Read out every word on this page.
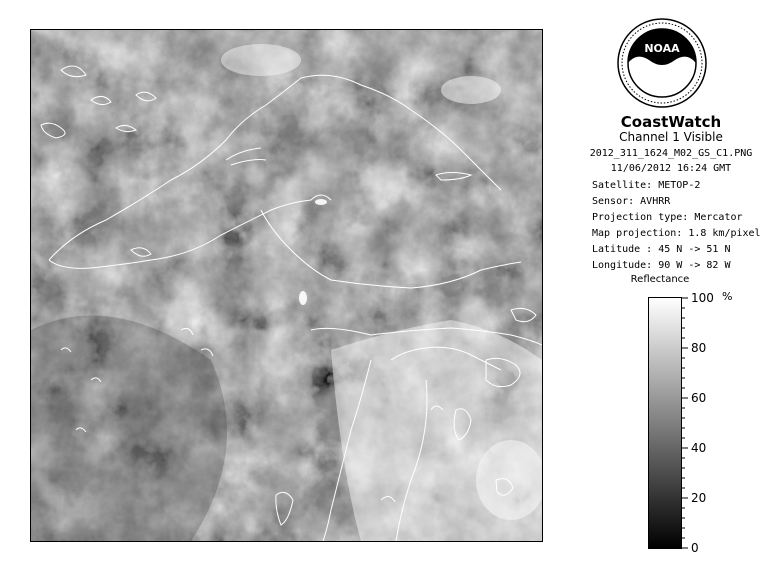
NOAA
CoastWatch
Channel 1 Visible
2012_311_1624_M02_GS_C1.PNG
11/06/2012 16:24 GMT
Satellite: METOP-2
Sensor: AVHRR
Projection type: Mercator
Map projection: 1.8 km/pixel
Latitude : 45 N -> 51 N
Longitude: 90 W -> 82 W
Reflectance
%
100
80
60
40
20
0
